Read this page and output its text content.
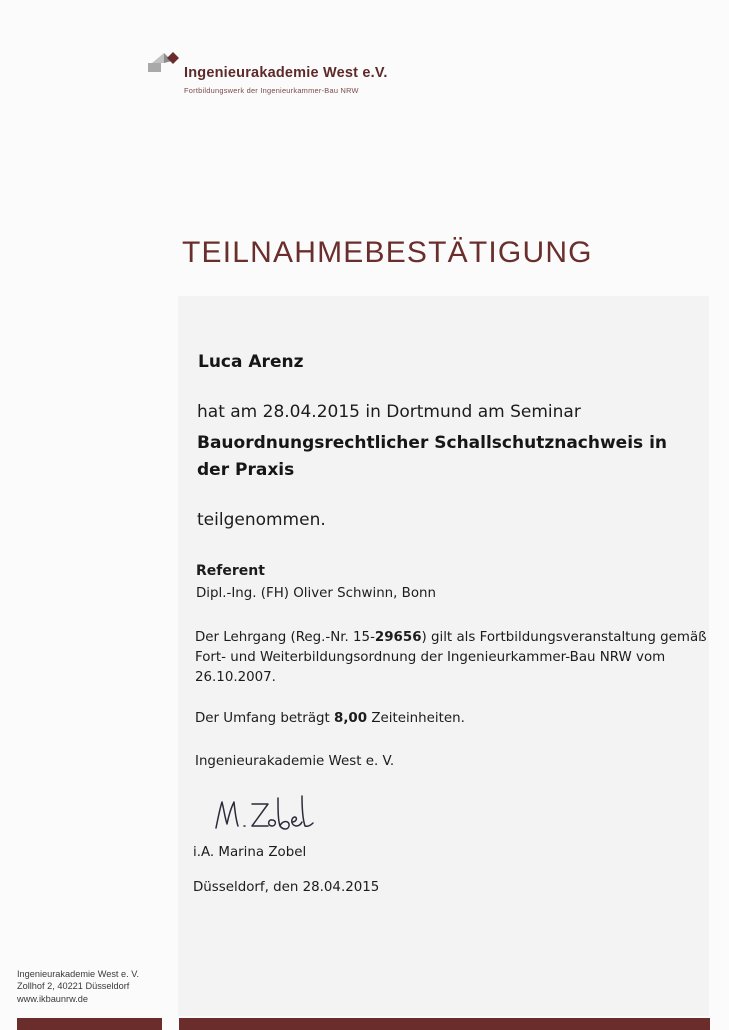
Ingenieurakademie West e.V.
Fortbildungswerk der Ingenieurkammer-Bau NRW
TEILNAHMEBESTÄTIGUNG
Luca Arenz
hat am 28.04.2015 in Dortmund am Seminar
Bauordnungsrechtlicher Schallschutznachweis in der Praxis
teilgenommen.
Referent
Dipl.-Ing. (FH) Oliver Schwinn, Bonn
Der Lehrgang (Reg.-Nr. 15-29656) gilt als Fortbildungsveranstaltung gemäß Fort- und Weiterbildungsordnung der Ingenieurkammer-Bau NRW vom 26.10.2007.
Der Umfang beträgt 8,00 Zeiteinheiten.
Ingenieurakademie West e. V.
i.A. Marina Zobel
Düsseldorf, den 28.04.2015
Ingenieurakademie West e. V.
Zollhof 2, 40221 Düsseldorf
www.ikbaunrw.de
